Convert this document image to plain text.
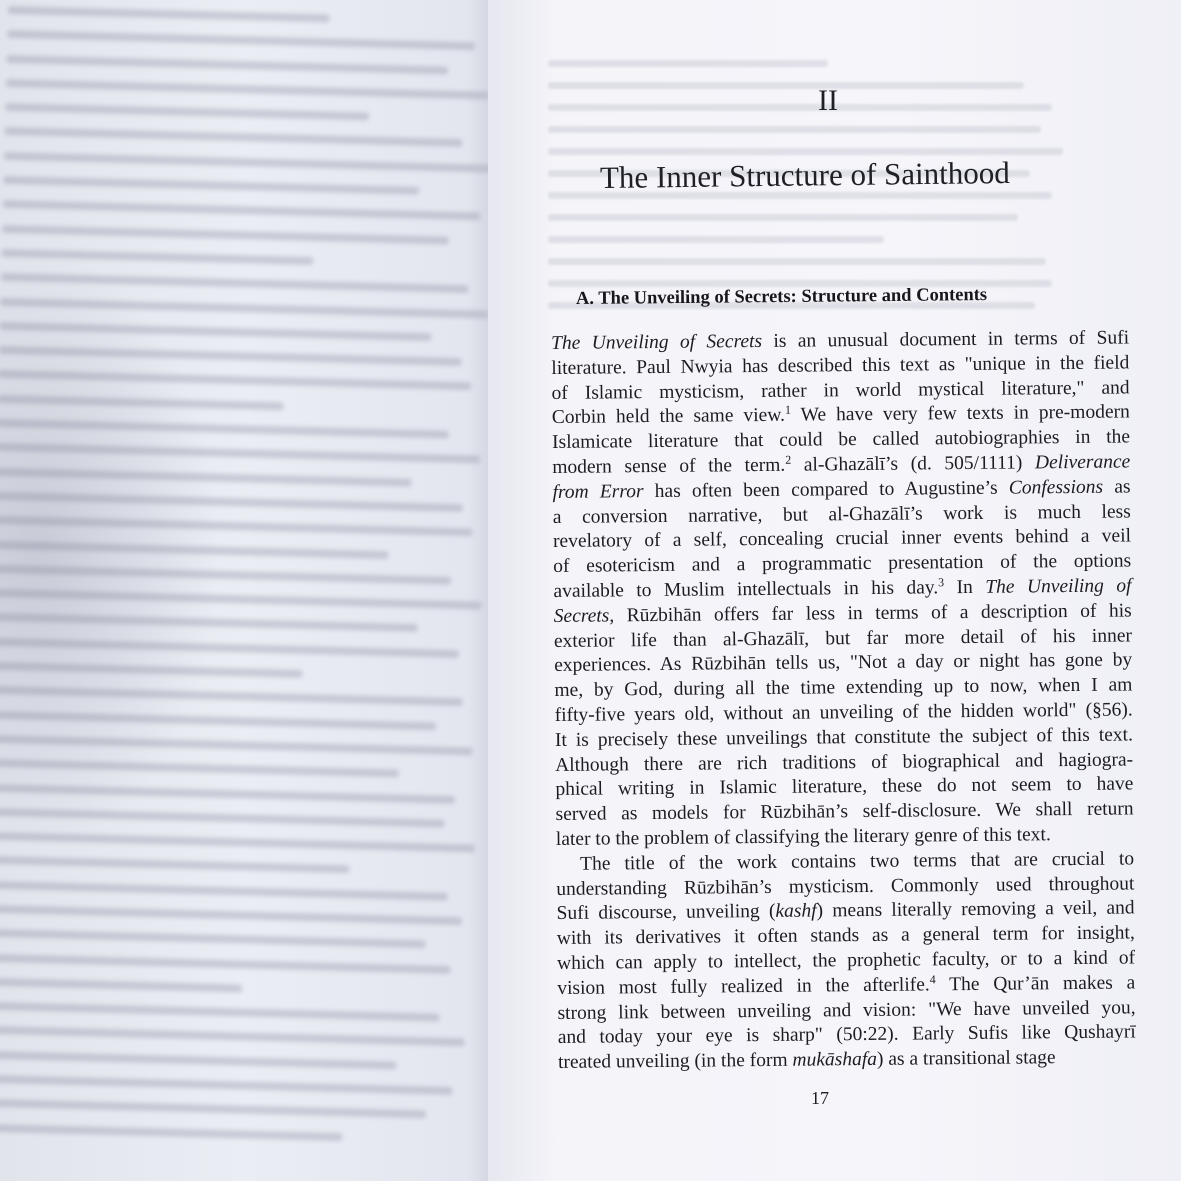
II
The Inner Structure of Sainthood
A. The Unveiling of Secrets: Structure and Contents
The Unveiling of Secrets is an unusual document in terms of Sufi
literature. Paul Nwyia has described this text as "unique in the field
of Islamic mysticism, rather in world mystical literature," and
Corbin held the same view.$^1$ We have very few texts in pre-modern
Islamicate literature that could be called autobiographies in the
modern sense of the term.$^2$ al-Ghazālī’s (d. 505/1111) Deliverance
from Error has often been compared to Augustine’s Confessions as
a conversion narrative, but al-Ghazālī’s work is much less
revelatory of a self, concealing crucial inner events behind a veil
of esotericism and a programmatic presentation of the options
available to Muslim intellectuals in his day.$^3$ In The Unveiling of
Secrets, Rūzbihān offers far less in terms of a description of his
exterior life than al-Ghazālī, but far more detail of his inner
experiences. As Rūzbihān tells us, "Not a day or night has gone by
me, by God, during all the time extending up to now, when I am
fifty-five years old, without an unveiling of the hidden world" (§56).
It is precisely these unveilings that constitute the subject of this text.
Although there are rich traditions of biographical and hagiogra-
phical writing in Islamic literature, these do not seem to have
served as models for Rūzbihān’s self-disclosure. We shall return
later to the problem of classifying the literary genre of this text.
The title of the work contains two terms that are crucial to
understanding Rūzbihān’s mysticism. Commonly used throughout
Sufi discourse, unveiling (kashf) means literally removing a veil, and
with its derivatives it often stands as a general term for insight,
which can apply to intellect, the prophetic faculty, or to a kind of
vision most fully realized in the afterlife.$^4$ The Qur’ān makes a
strong link between unveiling and vision: "We have unveiled you,
and today your eye is sharp" (50:22). Early Sufis like Qushayrī
treated unveiling (in the form mukāshafa) as a transitional stage
17
